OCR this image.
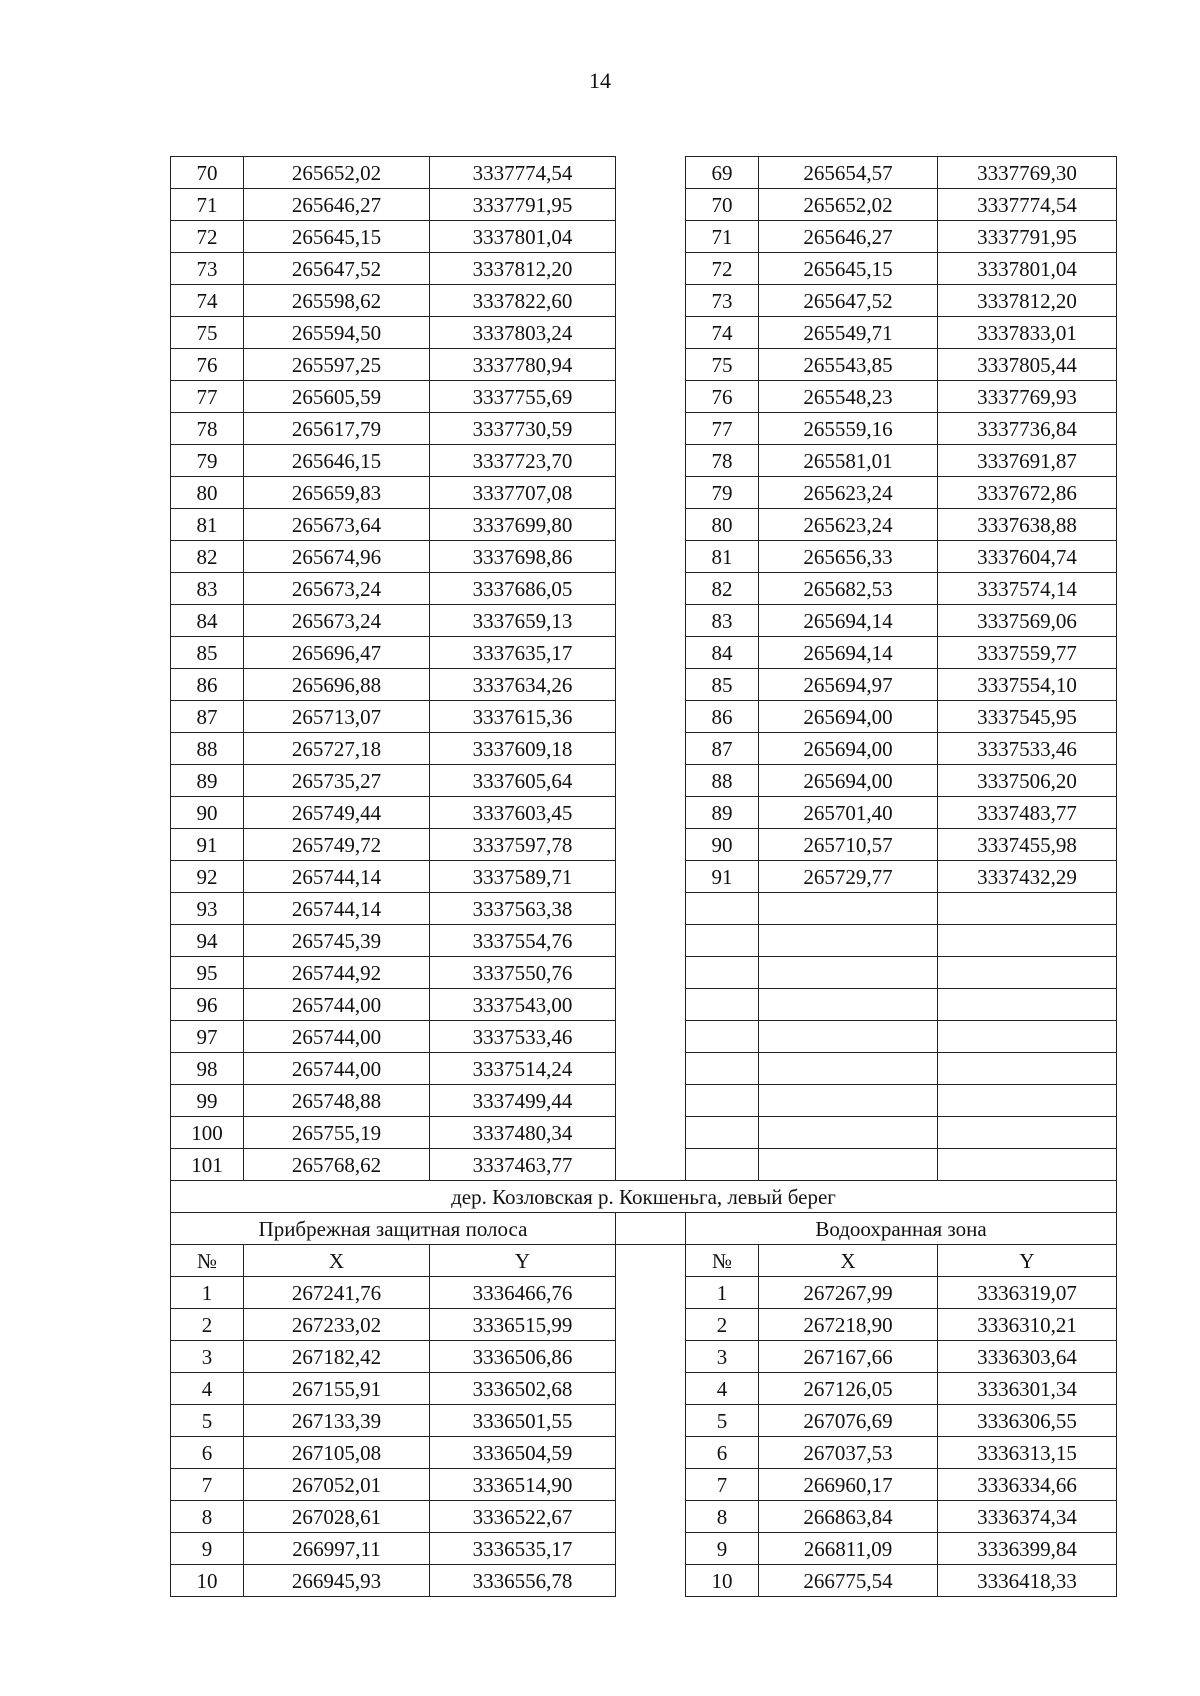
14
70	265652,02	3337774,54		69	265654,57	3337769,30
71	265646,27	3337791,95		70	265652,02	3337774,54
72	265645,15	3337801,04		71	265646,27	3337791,95
73	265647,52	3337812,20		72	265645,15	3337801,04
74	265598,62	3337822,60		73	265647,52	3337812,20
75	265594,50	3337803,24		74	265549,71	3337833,01
76	265597,25	3337780,94		75	265543,85	3337805,44
77	265605,59	3337755,69		76	265548,23	3337769,93
78	265617,79	3337730,59		77	265559,16	3337736,84
79	265646,15	3337723,70		78	265581,01	3337691,87
80	265659,83	3337707,08		79	265623,24	3337672,86
81	265673,64	3337699,80		80	265623,24	3337638,88
82	265674,96	3337698,86		81	265656,33	3337604,74
83	265673,24	3337686,05		82	265682,53	3337574,14
84	265673,24	3337659,13		83	265694,14	3337569,06
85	265696,47	3337635,17		84	265694,14	3337559,77
86	265696,88	3337634,26		85	265694,97	3337554,10
87	265713,07	3337615,36		86	265694,00	3337545,95
88	265727,18	3337609,18		87	265694,00	3337533,46
89	265735,27	3337605,64		88	265694,00	3337506,20
90	265749,44	3337603,45		89	265701,40	3337483,77
91	265749,72	3337597,78		90	265710,57	3337455,98
92	265744,14	3337589,71		91	265729,77	3337432,29
93	265744,14	3337563,38				
94	265745,39	3337554,76				
95	265744,92	3337550,76				
96	265744,00	3337543,00				
97	265744,00	3337533,46				
98	265744,00	3337514,24				
99	265748,88	3337499,44				
100	265755,19	3337480,34				
101	265768,62	3337463,77				
дер. Козловская р. Кокшеньга, левый берег						
Прибрежная защитная полоса				Водоохранная зона		
№	X	Y		№	X	Y
1	267241,76	3336466,76		1	267267,99	3336319,07
2	267233,02	3336515,99		2	267218,90	3336310,21
3	267182,42	3336506,86		3	267167,66	3336303,64
4	267155,91	3336502,68		4	267126,05	3336301,34
5	267133,39	3336501,55		5	267076,69	3336306,55
6	267105,08	3336504,59		6	267037,53	3336313,15
7	267052,01	3336514,90		7	266960,17	3336334,66
8	267028,61	3336522,67		8	266863,84	3336374,34
9	266997,11	3336535,17		9	266811,09	3336399,84
10	266945,93	3336556,78		10	266775,54	3336418,33
